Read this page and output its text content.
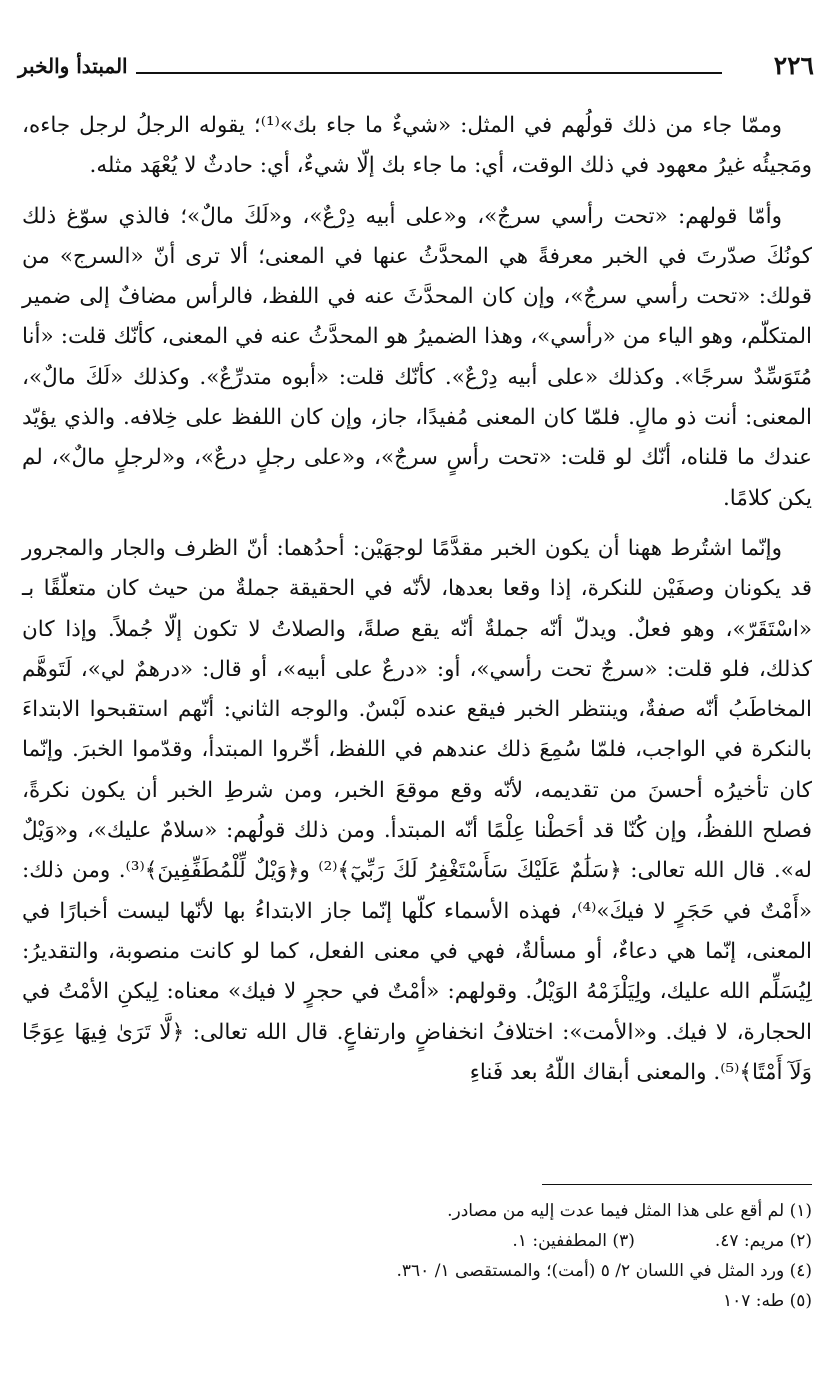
٢٢٦
المبتدأ والخبر

وممّا جاء من ذلك قولُهم في المثل: «شيءٌ ما جاء بك»⁽¹⁾؛ يقوله الرجلُ لرجل جاءه، ومَجيئُه غيرُ معهود في ذلك الوقت، أي: ما جاء بك إلّا شيءٌ، أي: حادثٌ لا يُعْهَد مثله.

وأمّا قولهم: «تحت رأسي سرجٌ»، و«على أبيه دِرْعٌ»، و«لَكَ مالٌ»؛ فالذي سوّغ ذلك كونُكَ صدّرتَ في الخبر معرفةً هي المحدَّثُ عنها في المعنى؛ ألا ترى أنّ «السرج» من قولك: «تحت رأسي سرجٌ»، وإن كان المحدَّثَ عنه في اللفظ، فالرأس مضافٌ إلى ضمير المتكلّم، وهو الياء من «رأسي»، وهذا الضميرُ هو المحدَّثُ عنه في المعنى، كأنّك قلت: «أنا مُتَوَسِّدٌ سرجًا». وكذلك «على أبيه دِرْعٌ». كأنّك قلت: «أبوه متدرِّعٌ». وكذلك «لَكَ مالٌ»، المعنى: أنت ذو مالٍ. فلمّا كان المعنى مُفيدًا، جاز، وإن كان اللفظ على خِلافه. والذي يؤيّد عندك ما قلناه، أنّك لو قلت: «تحت رأسٍ سرجٌ»، و«على رجلٍ درعٌ»، و«لرجلٍ مالٌ»، لم يكن كلامًا.

وإنّما اشتُرط ههنا أن يكون الخبر مقدَّمًا لوجهَيْن: أحدُهما: أنّ الظرف والجار والمجرور قد يكونان وصفَيْن للنكرة، إذا وقعا بعدها، لأنّه في الحقيقة جملةٌ من حيث كان متعلّقًا بـ «اسْتَقَرّ»، وهو فعلٌ. ويدلّ أنّه جملةٌ أنّه يقع صلةً، والصلاتُ لا تكون إلّا جُملاً. وإذا كان كذلك، فلو قلت: «سرجٌ تحت رأسي»، أو: «درعٌ على أبيه»، أو قال: «درهمٌ لي»، لَتَوهَّم المخاطَبُ أنّه صفةٌ، وينتظر الخبر فيقع عنده لَبْسٌ. والوجه الثاني: أنّهم استقبحوا الابتداءَ بالنكرة في الواجب، فلمّا سُمِعَ ذلك عندهم في اللفظ، أخّروا المبتدأ، وقدّموا الخبرَ. وإنّما كان تأخيرُه أحسنَ من تقديمه، لأنّه وقع موقعَ الخبر، ومن شرطِ الخبر أن يكون نكرةً، فصلح اللفظُ، وإن كُنّا قد أحَطْنا عِلْمًا أنّه المبتدأ. ومن ذلك قولُهم: «سلامٌ عليك»، و«وَيْلٌ له». قال الله تعالى: ﴿سَلَٰمٌ عَلَيْكَ سَأَسْتَغْفِرُ لَكَ رَبِّيٓ﴾⁽²⁾ و﴿وَيْلٌ لِّلْمُطَفِّفِينَ﴾⁽³⁾. ومن ذلك: «أَمْتٌ في حَجَرٍ لا فيكَ»⁽⁴⁾، فهذه الأسماء كلّها إنّما جاز الابتداءُ بها لأنّها ليست أخبارًا في المعنى، إنّما هي دعاءٌ، أو مسألةٌ، فهي في معنى الفعل، كما لو كانت منصوبة، والتقديرُ: لِيُسَلِّم الله عليك، ولِيَلْزَمْهُ الوَيْلُ. وقولهم: «أمْتٌ في حجرٍ لا فيك» معناه: لِيكنِ الأمْتُ في الحجارة، لا فيك. و«الأمت»: اختلافُ انخفاضٍ وارتفاعٍ. قال الله تعالى: ﴿لَّا تَرَىٰ فِيهَا عِوَجًا وَلَآ أَمْتًا﴾⁽⁵⁾. والمعنى أبقاك اللّهُ بعد فَناءِ

(١) لم أقع على هذا المثل فيما عدت إليه من مصادر.

(٢) مريم: ٤٧.(٣) المطففين: ١.

(٤) ورد المثل في اللسان ٢/ ٥ (أمت)؛ والمستقصى ١/ ٣٦٠.

(٥) طه: ١٠٧
